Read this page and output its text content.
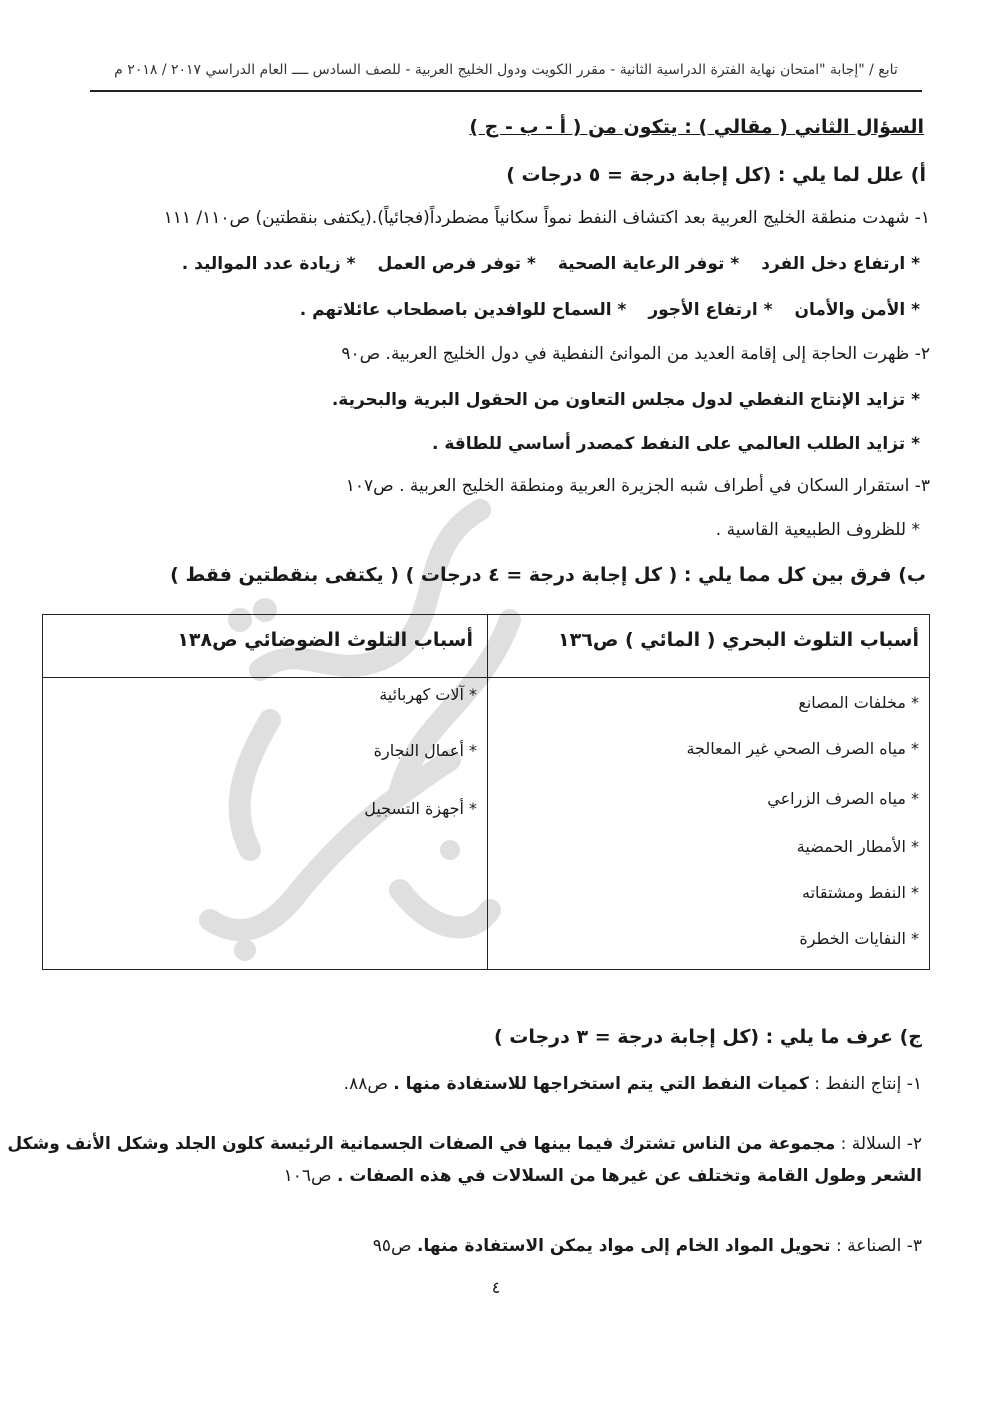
تابع / "إجابة "امتحان نهاية الفترة الدراسية الثانية - مقرر الكويت ودول الخليج العربية - للصف السادس ــــ العام الدراسي ٢٠١٧ / ٢٠١٨ م
السؤال الثاني ( مقالي ) : يتكون من ( أ - ب - ج )
أ) علل لما يلي : (كل إجابة درجة = ٥ درجات )
١- شهدت منطقة الخليج العربية بعد اكتشاف النفط نمواً سكانياً مضطرداً(فجائياً).(يكتفى بنقطتين) ص١١٠/ ١١١
* ارتفاع دخل الفرد
* توفر الرعاية الصحية
* توفر فرص العمل
* زيادة عدد المواليد .
* الأمن والأمان
* ارتفاع الأجور
* السماح للوافدين باصطحاب عائلاتهم .
٢- ظهرت الحاجة إلى إقامة العديد من الموانئ النفطية في دول الخليج العربية. ص٩٠
* تزايد الإنتاج النفطي لدول مجلس التعاون من الحقول البرية والبحرية.
* تزايد الطلب العالمي على النفط كمصدر أساسي للطاقة .
٣- استقرار السكان في أطراف شبه الجزيرة العربية ومنطقة الخليج العربية . ص١٠٧
* للظروف الطبيعية القاسية .
ب) فرق بين كل مما يلي : ( كل إجابة درجة = ٤ درجات ) ( يكتفى بنقطتين فقط )
أسباب التلوث البحري ( المائي ) ص١٣٦
أسباب التلوث الضوضائي ص١٣٨
* مخلفات المصانع
* مياه الصرف الصحي غير المعالجة
* مياه الصرف الزراعي
* الأمطار الحمضية
* النفط ومشتقاته
* النفايات الخطرة
* آلات كهربائية
* أعمال النجارة
* أجهزة التسجيل
ج) عرف ما يلي : (كل إجابة درجة = ٣ درجات )
١- إنتاج النفط : كميات النفط التي يتم استخراجها للاستفادة منها . ص٨٨.
٢- السلالة : مجموعة من الناس تشترك فيما بينها في الصفات الجسمانية الرئيسة كلون الجلد وشكل الأنف وشكل
الشعر وطول القامة وتختلف عن غيرها من السلالات في هذه الصفات . ص١٠٦
٣- الصناعة : تحويل المواد الخام إلى مواد يمكن الاستفادة منها. ص٩٥
٤
